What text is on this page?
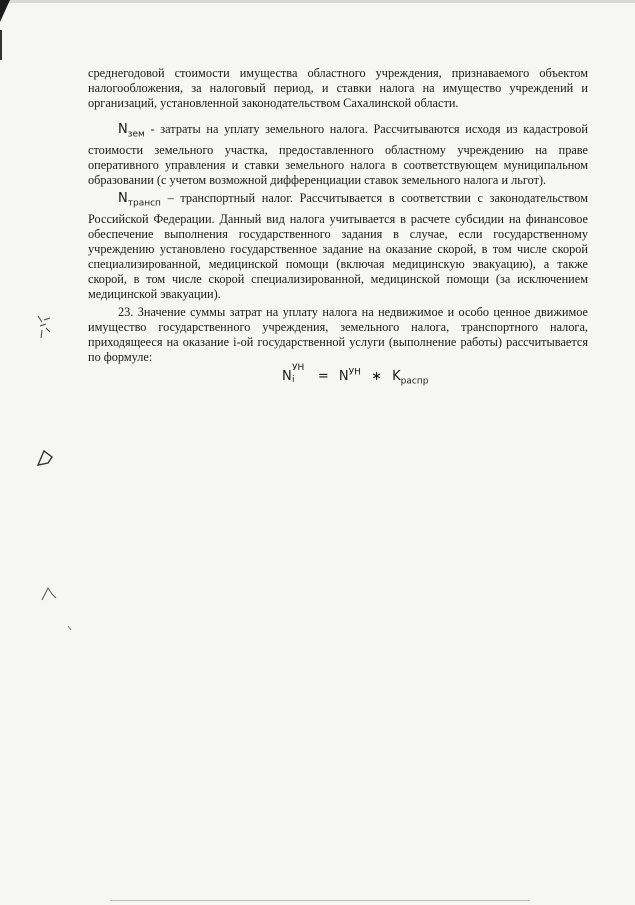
среднегодовой стоимости имущества областного учреждения, признаваемого объектом налогообложения, за налоговый период, и ставки налога на имущество учреждений и организаций, установленной законодательством Сахалинской области.

$N_{зем}$ - затраты на уплату земельного налога. Рассчитываются исходя из кадастровой стоимости земельного участка, предоставленного областному учреждению на праве оперативного управления и ставки земельного налога в соответствующем муниципальном образовании (с учетом возможной дифференциации ставок земельного налога и льгот).

$N_{трансп}$ – транспортный налог. Рассчитывается в соответствии с законодательством Российской Федерации. Данный вид налога учитывается в расчете субсидии на финансовое обеспечение выполнения государственного задания в случае, если государственному учреждению установлено государственное задание на оказание скорой, в том числе скорой специализированной, медицинской помощи (включая медицинскую эвакуацию), а также скорой, в том числе скорой специализированной, медицинской помощи (за исключением медицинской эвакуации).

23. Значение суммы затрат на уплату налога на недвижимое и особо ценное движимое имущество государственного учреждения, земельного налога, транспортного налога, приходящееся на оказание i-ой государственной услуги (выполнение работы) рассчитывается по формуле:

N
УН
$i = N^{УН}$ ∗ $K_{распр}$
